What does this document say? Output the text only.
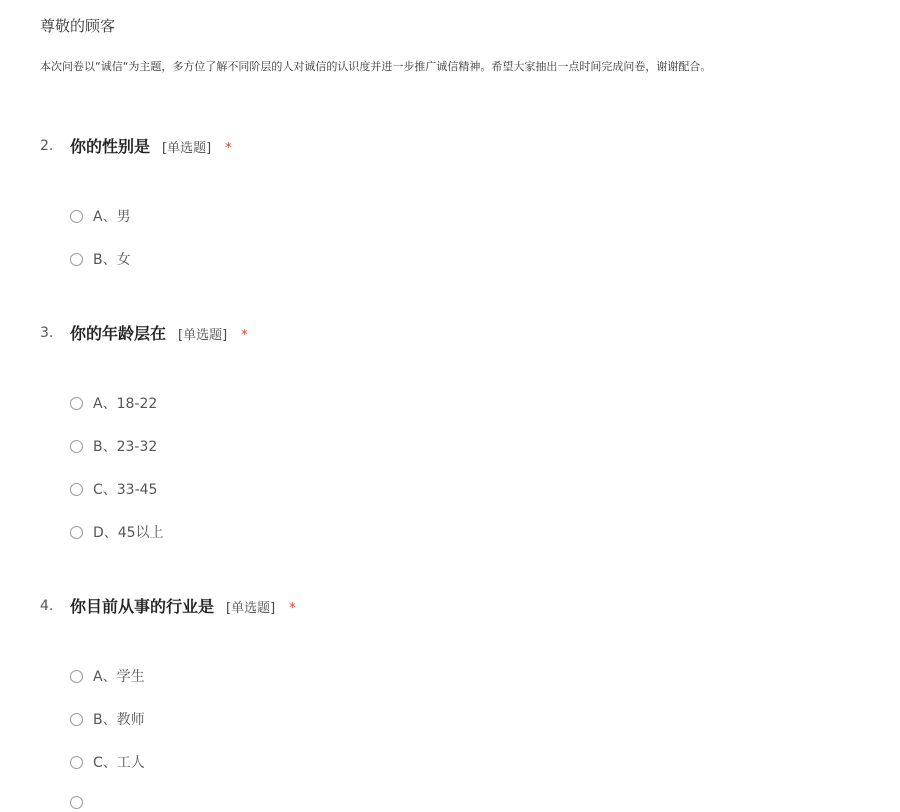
尊敬的顾客
本次问卷以“诚信“为主题，多方位了解不同阶层的人对诚信的认识度并进一步推广诚信精神。希望大家抽出一点时间完成问卷，谢谢配合。
2. 你的性别是 [单选题] *
A、男
B、女
3. 你的年龄层在 [单选题] *
A、18-22
B、23-32
C、33-45
D、45以上
4. 你目前从事的行业是 [单选题] *
A、学生
B、教师
C、工人
